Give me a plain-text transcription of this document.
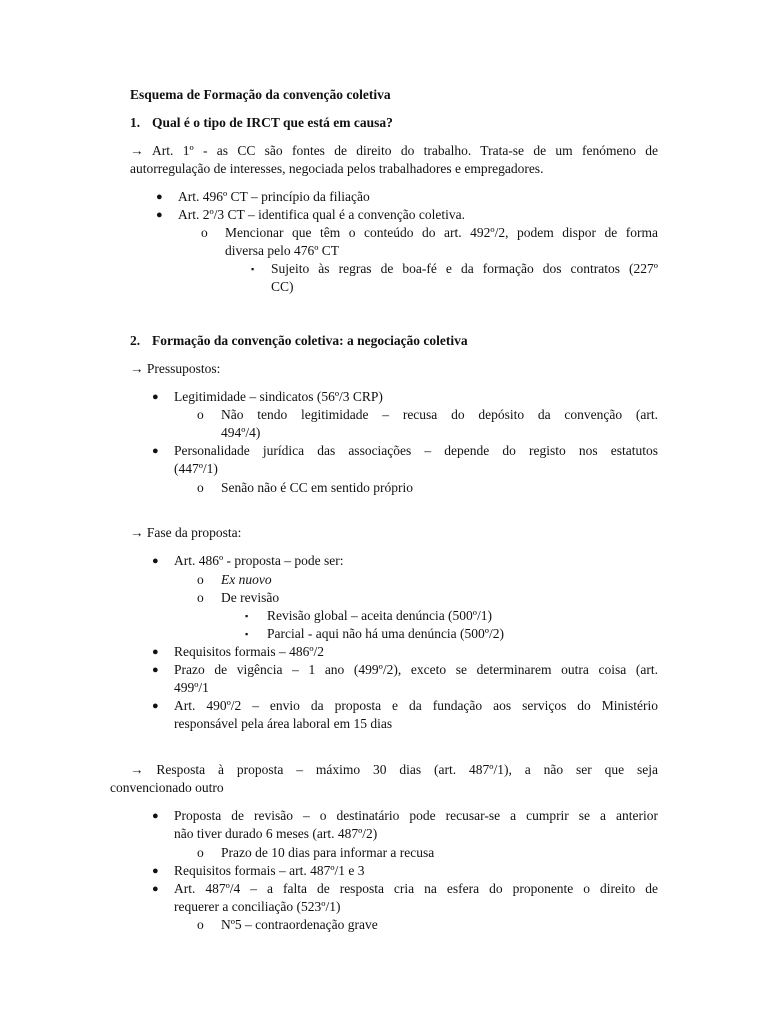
Esquema de Formação da convenção coletiva
1. Qual é o tipo de IRCT que está em causa?
→ Art. 1º - as CC são fontes de direito do trabalho. Trata-se de um fenómeno de
autorregulação de interesses, negociada pelos trabalhadores e empregadores.
● Art. 496º CT – princípio da filiação
● Art. 2º/3 CT – identifica qual é a convenção coletiva.
o Mencionar que têm o conteúdo do art. 492º/2, podem dispor de forma
diversa pelo 476º CT
▪ Sujeito às regras de boa-fé e da formação dos contratos (227º
CC)
2. Formação da convenção coletiva: a negociação coletiva
→ Pressupostos:
● Legitimidade – sindicatos (56º/3 CRP)
o Não tendo legitimidade – recusa do depósito da convenção (art.
494º/4)
● Personalidade jurídica das associações – depende do registo nos estatutos
(447º/1)
o Senão não é CC em sentido próprio
→ Fase da proposta:
● Art. 486º - proposta – pode ser:
o Ex nuovo
o De revisão
▪ Revisão global – aceita denúncia (500º/1)
▪ Parcial - aqui não há uma denúncia (500º/2)
● Requisitos formais – 486º/2
● Prazo de vigência – 1 ano (499º/2), exceto se determinarem outra coisa (art.
499º/1
● Art. 490º/2 – envio da proposta e da fundação aos serviços do Ministério
responsável pela área laboral em 15 dias
→ Resposta à proposta – máximo 30 dias (art. 487º/1), a não ser que seja
convencionado outro
● Proposta de revisão – o destinatário pode recusar-se a cumprir se a anterior
não tiver durado 6 meses (art. 487º/2)
o Prazo de 10 dias para informar a recusa
● Requisitos formais – art. 487º/1 e 3
● Art. 487º/4 – a falta de resposta cria na esfera do proponente o direito de
requerer a conciliação (523º/1)
o Nº5 – contraordenação grave
